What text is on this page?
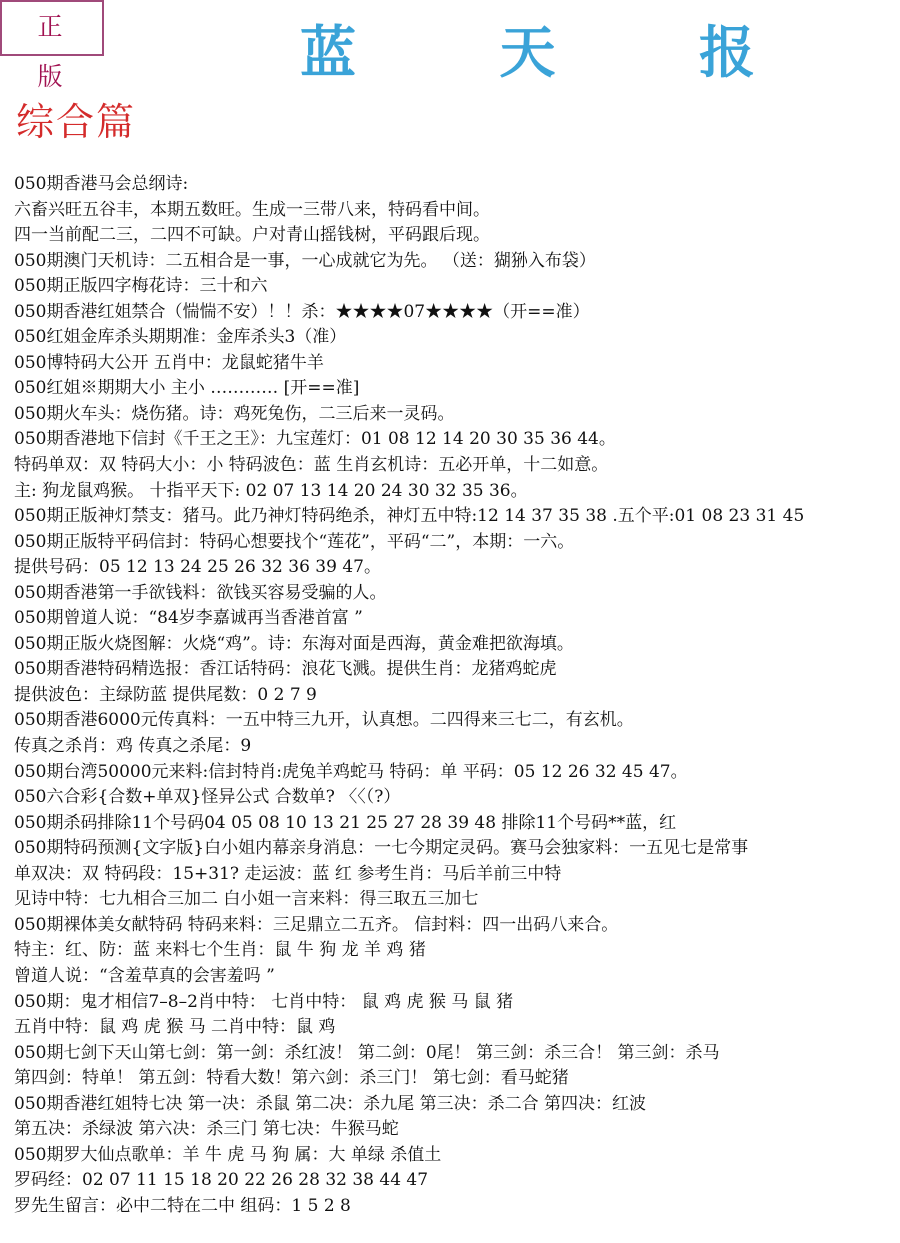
正 版	蓝 天 报
综合篇
050期香港马会总纲诗:
六畜兴旺五谷丰，本期五数旺。生成一三带八来，特码看中间。
四一当前配二三，二四不可缺。户对青山摇钱树，平码跟后现。
050期澳门天机诗：二五相合是一事，一心成就它为先。 （送：猢狲入布袋）
050期正版四字梅花诗：三十和六
050期香港红姐禁合（惴惴不安）！！杀：★★★★07★★★★（开==准）
050红姐金库杀头期期准：金库杀头3（准）
050博特码大公开 五肖中：龙鼠蛇猪牛羊
050红姐※期期大小 主小 ………… [开==准]
050期火车头：烧伤猪。诗：鸡死兔伤，二三后来一灵码。
050期香港地下信封《千王之王》：九宝莲灯：01 08 12 14 20 30 35 36 44。
特码单双：双 特码大小：小 特码波色：蓝 生肖玄机诗：五必开单，十二如意。
主: 狗龙鼠鸡猴。 十指平天下: 02 07 13 14 20 24 30 32 35 36。
050期正版神灯禁支：猪马。此乃神灯特码绝杀，神灯五中特:12 14 37 35 38 .五个平:01 08 23 31 45
050期正版特平码信封：特码心想要找个“莲花”，平码“二”，本期：一六。
提供号码：05 12 13 24 25 26 32 36 39 47。
050期香港第一手欲钱料：欲钱买容易受骗的人。
050期曾道人说：“84岁李嘉诚再当香港首富 ”
050期正版火烧图解：火烧“鸡”。诗：东海对面是西海，黄金难把欲海填。
050期香港特码精选报：香江话特码：浪花飞溅。提供生肖：龙猪鸡蛇虎
提供波色：主绿防蓝 提供尾数：0 2 7 9
050期香港6000元传真料：一五中特三九开，认真想。二四得来三七二，有玄机。
传真之杀肖：鸡 传真之杀尾：9
050期台湾50000元来料:信封特肖:虎兔羊鸡蛇马 特码：单 平码：05 12 26 32 45 47。
050六合彩{合数+单双}怪异公式 合数单? 〈〈（?）
050期杀码排除11个号码04 05 08 10 13 21 25 27 28 39 48 排除11个号码**蓝，红
050期特码预测{文字版}白小姐内幕亲身消息：一七今期定灵码。赛马会独家料：一五见七是常事
单双决：双 特码段：15+31? 走运波：蓝 红 参考生肖：马后羊前三中特
见诗中特：七九相合三加二 白小姐一言来料：得三取五三加七
050期裸体美女献特码 特码来料：三足鼎立二五齐。 信封料：四一出码八来合。
特主：红、防：蓝 来料七个生肖：鼠 牛 狗 龙 羊 鸡 猪
曾道人说：“含羞草真的会害羞吗 ”
050期：鬼才相信7–8–2肖中特： 七肖中特： 鼠 鸡 虎 猴 马 鼠 猪
五肖中特：鼠 鸡 虎 猴 马 二肖中特：鼠 鸡
050期七剑下天山第七剑：第一剑：杀红波！ 第二剑：0尾！ 第三剑：杀三合！ 第三剑：杀马
第四剑：特单！ 第五剑：特看大数！第六剑：杀三门！ 第七剑：看马蛇猪
050期香港红姐特七决 第一决：杀鼠 第二决：杀九尾 第三决：杀二合 第四决：红波
第五决：杀绿波 第六决：杀三门 第七决：牛猴马蛇
050期罗大仙点歌单：羊 牛 虎 马 狗 属：大 单绿 杀值土
罗码经：02 07 11 15 18 20 22 26 28 32 38 44 47
罗先生留言：必中二特在二中 组码：1 5 2 8
